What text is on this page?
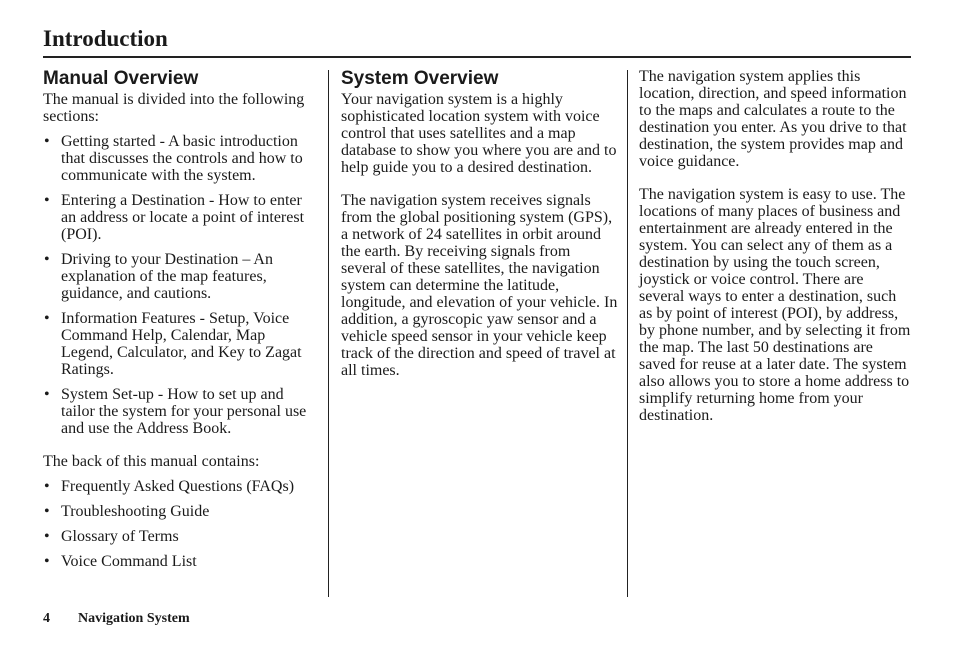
Introduction
Manual Overview

The manual is divided into the following sections:

• Getting started - A basic introduction that discusses the controls and how to communicate with the system.
• Entering a Destination - How to enter an address or locate a point of interest (POI).
• Driving to your Destination – An explanation of the map features, guidance, and cautions.
• Information Features - Setup, Voice Command Help, Calendar, Map Legend, Calculator, and Key to Zagat Ratings.
• System Set-up - How to set up and tailor the system for your personal use and use the Address Book.

The back of this manual contains:

• Frequently Asked Questions (FAQs)
• Troubleshooting Guide
• Glossary of Terms
• Voice Command List
System Overview

Your navigation system is a highly sophisticated location system with voice control that uses satellites and a map database to show you where you are and to help guide you to a desired destination.

The navigation system receives signals from the global positioning system (GPS), a network of 24 satellites in orbit around the earth. By receiving signals from several of these satellites, the navigation system can determine the latitude, longitude, and elevation of your vehicle. In addition, a gyroscopic yaw sensor and a vehicle speed sensor in your vehicle keep track of the direction and speed of travel at all times.

The navigation system applies this location, direction, and speed information to the maps and calculates a route to the destination you enter. As you drive to that destination, the system provides map and voice guidance.

The navigation system is easy to use. The locations of many places of business and entertainment are already entered in the system. You can select any of them as a destination by using the touch screen, joystick or voice control. There are several ways to enter a destination, such as by point of interest (POI), by address, by phone number, and by selecting it from the map. The last 50 destinations are saved for reuse at a later date. The system also allows you to store a home address to simplify returning home from your destination.

4 Navigation System
